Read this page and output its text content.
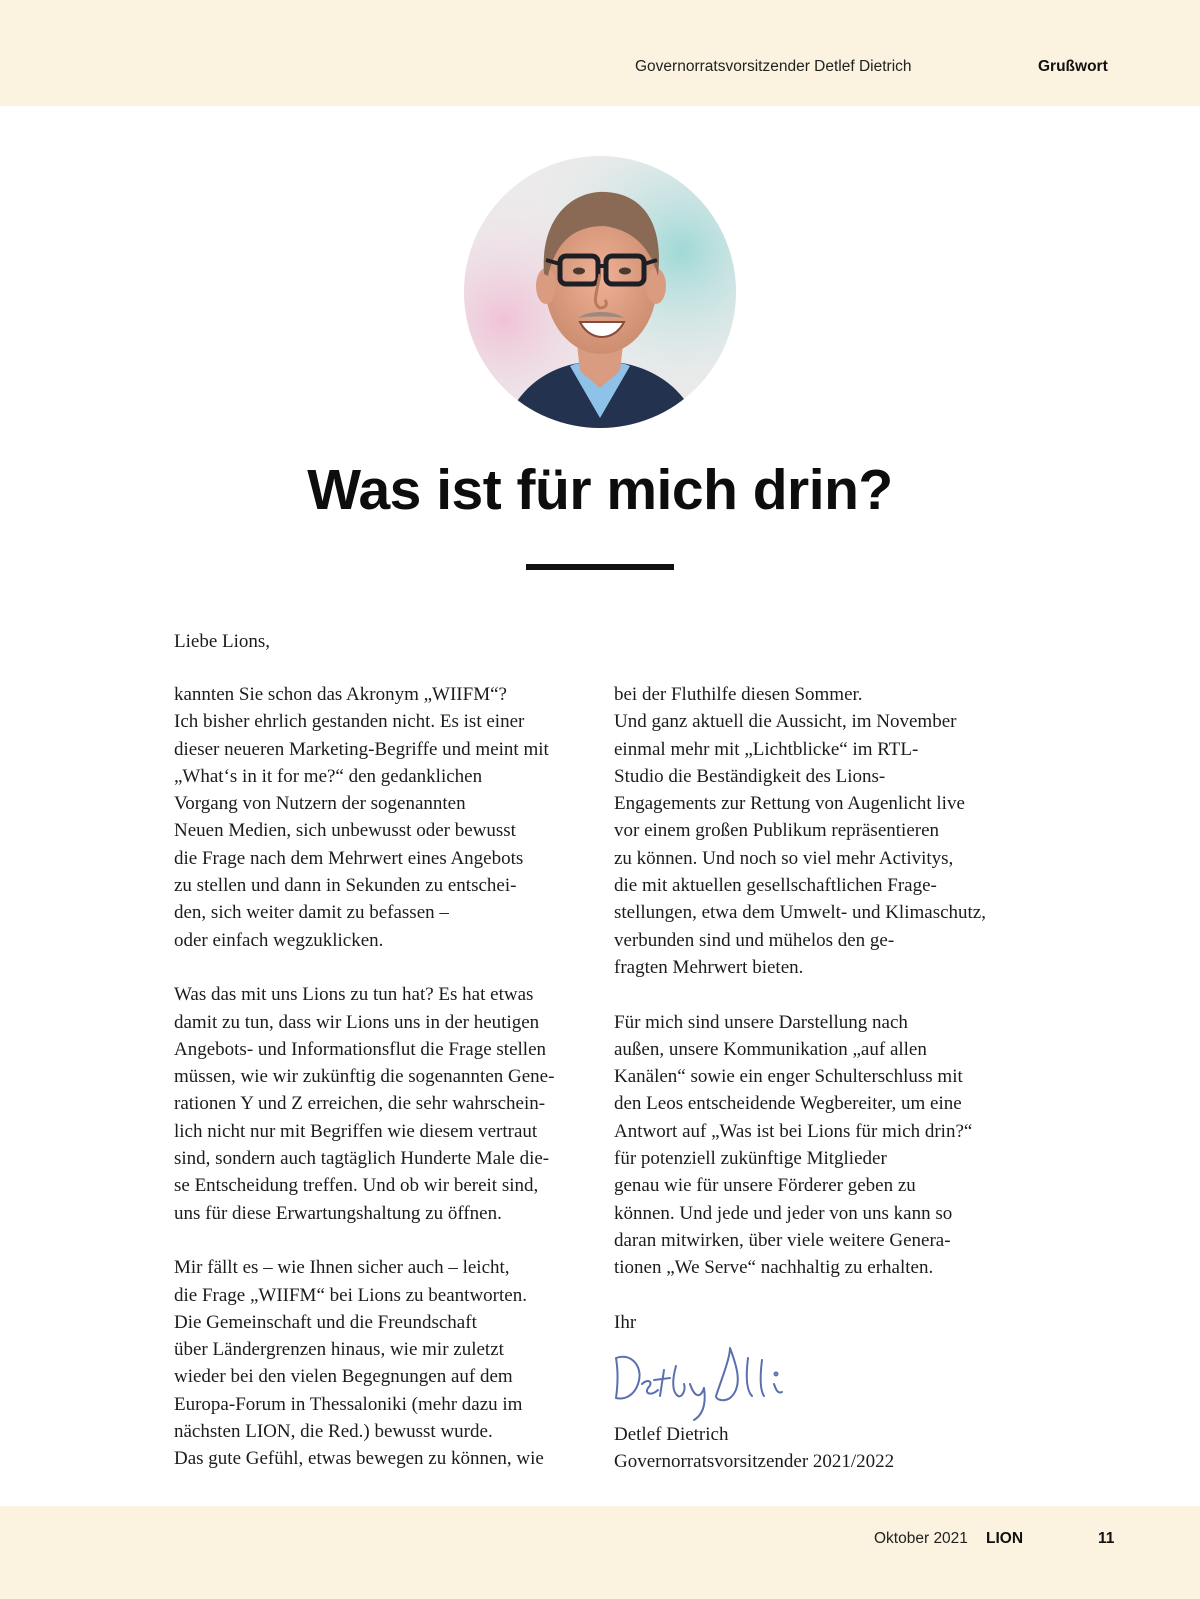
Governorratsvorsitzender Detlef Dietrich	Grußwort
Was ist für mich drin?

Liebe Lions,

kannten Sie schon das Akronym „WIIFM“?

Ich bisher ehrlich gestanden nicht. Es ist einer

dieser neueren Marketing-Begriffe und meint mit

„What‘s in it for me?“ den gedanklichen

Vorgang von Nutzern der sogenannten

Neuen Medien, sich unbewusst oder bewusst

die Frage nach dem Mehrwert eines Angebots

zu stellen und dann in Sekunden zu entschei-

den, sich weiter damit zu befassen –

oder einfach wegzuklicken.

Was das mit uns Lions zu tun hat? Es hat etwas

damit zu tun, dass wir Lions uns in der heutigen

Angebots- und Informationsflut die Frage stellen

müssen, wie wir zukünftig die sogenannten Gene-

rationen Y und Z erreichen, die sehr wahrschein-

lich nicht nur mit Begriffen wie diesem vertraut

sind, sondern auch tagtäglich Hunderte Male die-

se Entscheidung treffen. Und ob wir bereit sind,

uns für diese Erwartungshaltung zu öffnen.

Mir fällt es – wie Ihnen sicher auch – leicht,

die Frage „WIIFM“ bei Lions zu beantworten.

Die Gemeinschaft und die Freundschaft

über Ländergrenzen hinaus, wie mir zuletzt

wieder bei den vielen Begegnungen auf dem

Europa-Forum in Thessaloniki (mehr dazu im

nächsten LION, die Red.) bewusst wurde.

Das gute Gefühl, etwas bewegen zu können, wie

bei der Fluthilfe diesen Sommer.

Und ganz aktuell die Aussicht, im November

einmal mehr mit „Lichtblicke“ im RTL-

Studio die Beständigkeit des Lions-

Engagements zur Rettung von Augenlicht live

vor einem großen Publikum repräsentieren

zu können. Und noch so viel mehr Activitys,

die mit aktuellen gesellschaftlichen Frage-

stellungen, etwa dem Umwelt- und Klimaschutz,

verbunden sind und mühelos den ge-

fragten Mehrwert bieten.

Für mich sind unsere Darstellung nach

außen, unsere Kommunikation „auf allen

Kanälen“ sowie ein enger Schulterschluss mit

den Leos entscheidende Wegbereiter, um eine

Antwort auf „Was ist bei Lions für mich drin?“

für potenziell zukünftige Mitglieder

genau wie für unsere Förderer geben zu

können. Und jede und jeder von uns kann so

daran mitwirken, über viele weitere Genera-

tionen „We Serve“ nachhaltig zu erhalten.

Ihr

Detlef Dietrich

Governorratsvorsitzender 2021/2022

Oktober 2021 LION	11
